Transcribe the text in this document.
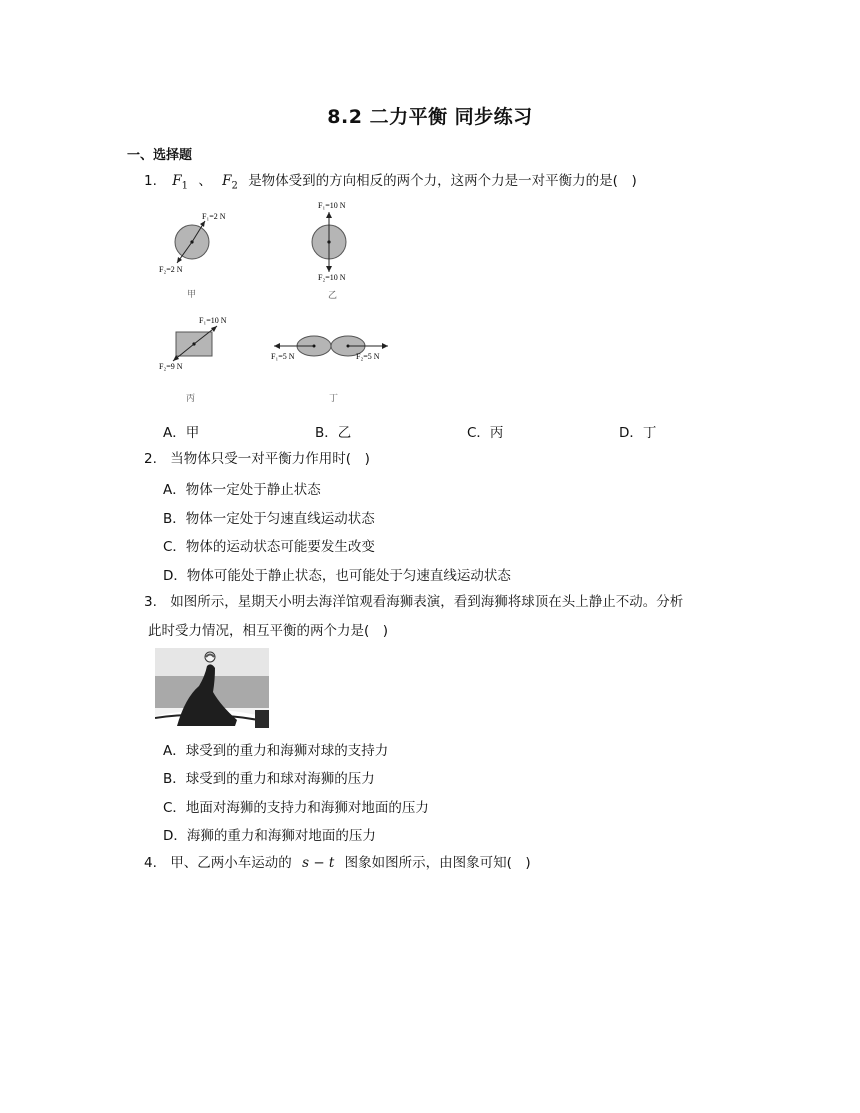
8.2 二力平衡 同步练习
一、选择题
1. $F_1$ 、 $F_2$ 是物体受到的方向相反的两个力，这两个力是一对平衡力的是(　)
F₁=2 N
F₂=2 N
甲
F₁=10 N
F₂=10 N
乙
F₁=10 N
F₂=9 N
丙
F₁=5 N	F₂=5 N
丁
A．甲	B．乙	C．丙	D．丁
2. 当物体只受一对平衡力作用时(　)
A．物体一定处于静止状态
B．物体一定处于匀速直线运动状态
C．物体的运动状态可能要发生改变
D．物体可能处于静止状态，也可能处于匀速直线运动状态
3. 如图所示，星期天小明去海洋馆观看海狮表演，看到海狮将球顶在头上静止不动。分析
此时受力情况，相互平衡的两个力是(　)
A．球受到的重力和海狮对球的支持力
B．球受到的重力和球对海狮的压力
C．地面对海狮的支持力和海狮对地面的压力
D．海狮的重力和海狮对地面的压力
4. 甲、乙两小车运动的 s − t 图象如图所示，由图象可知(　)
